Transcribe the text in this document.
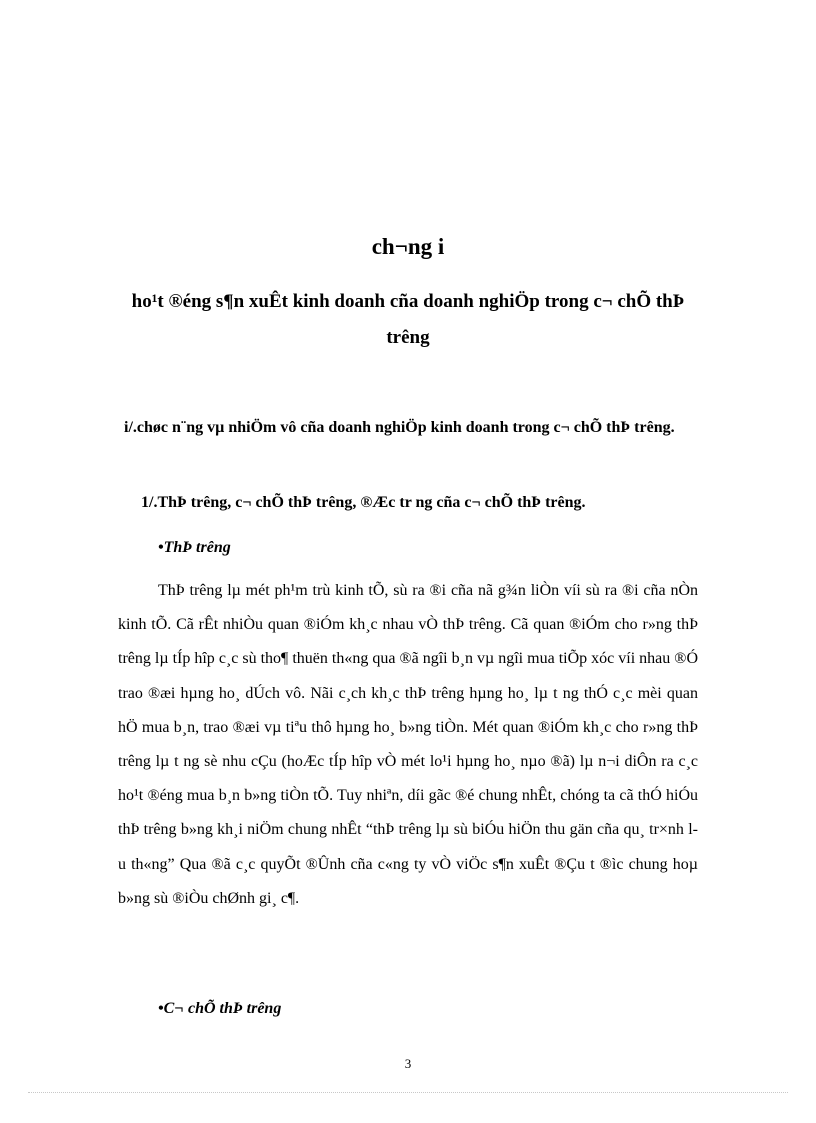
ch¬ng i
ho¹t ®éng s¶n xuÊt kinh doanh cña doanh nghiÖp trong c¬ chÕ thÞ trêng
i/.chøc n¨ng vµ nhiÖm vô cña doanh nghiÖp kinh doanh trong c¬ chÕ thÞ trêng.
1/.ThÞ trêng, c¬ chÕ thÞ trêng, ®Æc tr ng cña c¬ chÕ thÞ trêng.
•ThÞ trêng

ThÞ trêng lµ mét ph¹m trù kinh tÕ, sù ra ®i cña nã g¾n liÒn víi sù ra ®i cña nÒn kinh tÕ. Cã rÊt nhiÒu quan ®iÓm kh¸c nhau vÒ thÞ trêng. Cã quan ®iÓm cho r»ng thÞ trêng lµ tÍp hîp c¸c sù tho¶ thuën th«ng qua ®ã ngîi b¸n vµ ngîi mua tiÕp xóc víi nhau ®Ó trao ®æi hµng ho¸ dÚch vô. Nãi c¸ch kh¸c thÞ trêng hµng ho¸ lµ t ng thÓ c¸c mèi quan hÖ mua b¸n, trao ®æi vµ tiªu thô hµng ho¸ b»ng tiÒn. Mét quan ®iÓm kh¸c cho r»ng thÞ trêng lµ t ng sè nhu cÇu (hoÆc tÍp hîp vÒ mét lo¹i hµng ho¸ nµo ®ã) lµ n¬i diÔn ra c¸c ho¹t ®éng mua b¸n b»ng tiÒn tÕ. Tuy nhiªn, díi gãc ®é chung nhÊt, chóng ta cã thÓ hiÓu thÞ trêng b»ng kh¸i niÖm chung nhÊt “thÞ trêng lµ sù biÓu hiÖn thu gän cña qu¸ tr×nh l u th«ng” Qua ®ã c¸c quyÕt ®Ûnh cña c«ng ty vÒ viÖc s¶n xuÊt ®Çu t ®ìc chung hoµ b»ng sù ®iÒu chØnh gi¸ c¶.

•C¬ chÕ thÞ trêng
3
